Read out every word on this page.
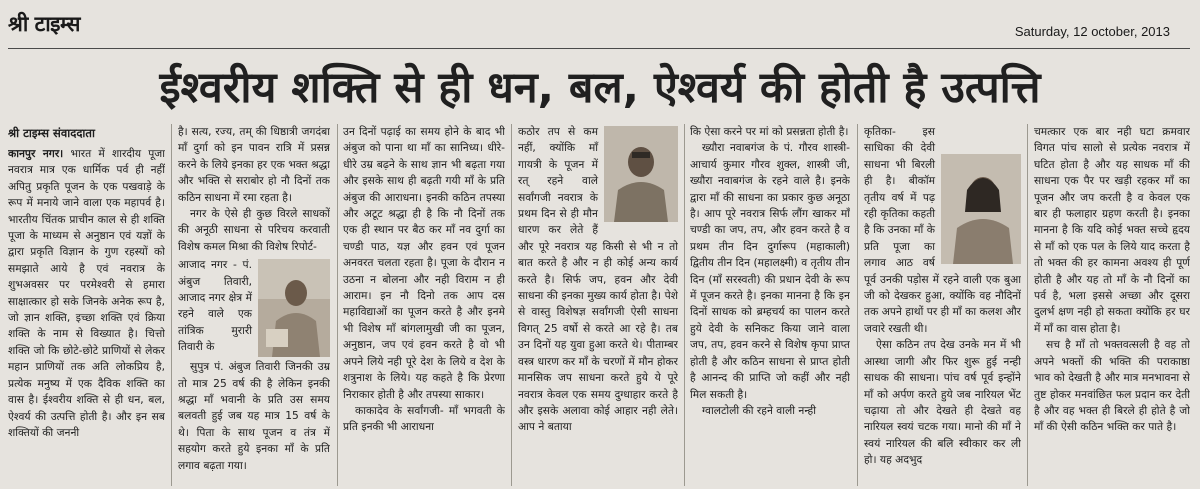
श्री टाइम्स	Saturday, 12 october, 2013
ईश्वरीय शक्ति से ही धन, बल, ऐश्वर्य की होती है उत्पत्ति
श्री टाइम्स संवाददाता

कानपुर नगर। भारत में शारदीय पूजा नवरात्र मात्र एक धार्मिक पर्व ही नहीं अपितु प्रकृति पूजन के एक पखवाड़े के रूप में मनाये जाने वाला एक महापर्व है। भारतीय चिंतक प्राचीन काल से ही शक्ति पूजा के माध्यम से अनुष्ठान एवं यज्ञों के द्वारा प्रकृति विज्ञान के गुण रहस्यों को समझाते आये है एवं नवरात्र के शुभअवसर पर परमेश्वरी से हमारा साक्षात्कार हो सके जिनके अनेक रूप है, जो ज्ञान शक्ति, इच्छा शक्ति एवं क्रिया शक्ति के नाम से विख्यात है। चित्तो शक्ति जो कि छोटे-छोटे प्राणियों से लेकर महान प्राणियों तक अति लोकप्रिय है, प्रत्येक मनुष्य में एक दैविक शक्ति का वास है। ईश्वरीय शक्ति से ही धन, बल, ऐश्वर्य की उत्पत्ति होती है। और इन सब शक्तियों की जननी

है। सत्य, रज्य, तम् की धिष्ठात्री जगदंबा माँ दुर्गा को इन पावन रात्रि में प्रसन्न करने के लिये इनका हर एक भक्त श्रद्धा और भक्ति से सराबोर हो नौ दिनों तक कठिन साधना में रमा रहता है।

नगर के ऐसे ही कुछ विरले साधकों की अनूठी साधना से परिचय करवाती विशेष कमल मिश्रा की विशेष रिपोर्ट-

आजाद नगर - पं. अंबुज तिवारी, आजाद नगर क्षेत्र में रहने वाले एक तांत्रिक मुरारी तिवारी के

सुपुत्र पं. अंबुज तिवारी जिनकी उम्र तो मात्र 25 वर्ष की है लेकिन इनकी श्रद्धा माँ भवानी के प्रति उस समय बलवती हुई जब यह मात्र 15 वर्ष के थे। पिता के साथ पूजन व तंत्र में सहयोग करते हुये इनका माँ के प्रति लगाव बढ़ता गया।

उन दिनों पढ़ाई का समय होने के बाद भी अंबुज को पाना था माँ का सानिध्य। धीरे-धीरे उम्र बढ़ने के साथ ज्ञान भी बढ़ता गया और इसके साथ ही बढ़ती गयी माँ के प्रति अंबुज की आराधना। इनकी कठिन तपस्या और अटूट श्रद्धा ही है कि नौ दिनों तक एक ही स्थान पर बैठ कर माँ नव दुर्गा का चण्डी पाठ, यज्ञ और हवन एवं पूजन अनवरत चलता रहता है। पूजा के दौरान न उठना न बोलना और नही विराम न ही आराम। इन नौ दिनो तक आप दस महाविद्याओं का पूजन करते है और इनमे भी विशेष माँ बांगलामुखी जी का पूजन, अनुष्ठान, जप एवं हवन करते है वो भी अपने लिये नही पूरे देश के लिये व देश के शत्रुनाश के लिये। यह कहते है कि प्रेरणा निराकार होती है और तपस्या साकार।

काकादेव के सर्वांगजी- माँ भगवती के प्रति इनकी भी आराधना

कठोर तप से कम नहीं, क्योंकि माँ गायत्री के पूजन में रत् रहने वाले सर्वांगजी नवरात्र के प्रथम दिन से ही मौन धारण कर लेते हैं और पूरे नवरात्र यह किसी से भी न तो बात करते है और न ही कोई अन्य कार्य करते है। सिर्फ जप, हवन और देवी साधना की इनका मुख्य कार्य होता है। पेशे से वास्तु विशेषज्ञ सर्वांगजी ऐसी साधना विगत् 25 वर्षो से करते आ रहे है। तब उन दिनों यह युवा हुआ करते थे। पीताम्बर वस्त्र धारण कर माँ के चरणों में मौन होकर मानसिक जप साधना करते हुये ये पूरे नवरात्र केवल एक समय दुग्धाहार करते है और इसके अलावा कोई आहार नही लेते। आप ने बताया

कि ऐसा करने पर मां को प्रसन्नता होती है।

ख्यौरा नवाबगंज के पं. गौरव शास्त्री- आचार्य कुमार गौरव शुक्ल, शास्त्री जी, ख्यौरा नवाबगंज के रहने वाले है। इनके द्वारा माँ की साधना का प्रकार कुछ अनूठा है। आप पूरे नवरात्र सिर्फ लौंग खाकर माँ चण्डी का जप, तप, और हवन करते है व प्रथम तीन दिन दुर्गारूप (महाकाली) द्वितीय तीन दिन (महालक्ष्मी) व तृतीय तीन दिन (माँ सरस्वती) की प्रधान देवी के रूप में पूजन करते है। इनका मानना है कि इन दिनों साधक को ब्रम्हचर्य का पालन करते हुये देवी के सनिकट किया जाने वाला जप, तप, हवन करने से विशेष कृपा प्राप्त होती है और कठिन साधना से प्राप्त होती है आनन्द की प्राप्ति जो कहीं और नही मिल सकती है।

ग्वालटोली की रहने वाली नन्ही

कृतिका- इस साधिका की देवी साधना भी बिरली ही है। बीकॉम तृतीय वर्ष में पढ़ रही कृतिका कहती है कि उनका माँ के प्रति पूजा का लगाव आठ वर्ष पूर्व उनकी पड़ोस में रहने वाली एक बुआ जी को देखकर हुआ, क्योंकि वह नौदिनों तक अपने हाथों पर ही माँ का कलश और जवारे रखती थी।

ऐसा कठिन तप देख उनके मन में भी आस्था जागी और फिर शुरू हुई नन्ही साधक की साधना। पांच वर्ष पूर्व इन्होंने माँ को अर्पण करते हुये जब नारियल भेंट चढ़ाया तो और देखते ही देखते वह नारियल स्वयं चटक गया। मानो की माँ ने स्वयं नारियल की बलि स्वीकार कर ली हो। यह अदभुद

चमत्कार एक बार नही घटा क्रमवार विगत पांच सालो से प्रत्येक नवरात्र में घटित होता है और यह साधक माँ की साधना एक पैर पर खड़ी रहकर माँ का पूजन और जप करती है व केवल एक बार ही फलाहार ग्रहण करती है। इनका मानना है कि यदि कोई भक्त सच्चे हृदय से माँ को एक पल के लिये याद करता है तो भक्त की हर कामना अवश्य ही पूर्ण होती है और यह तो माँ के नौ दिनों का पर्व है, भला इससे अच्छा और दूसरा दुलर्भ क्षण नही हो सकता क्योंकि हर घर में माँ का वास होता है।

सच है माँ तो भक्तवत्सली है वह तो अपने भक्तों की भक्ति की पराकाष्ठा भाव को देखती है और मात्र मनभावना से तुष्ट होकर मनवांछित फल प्रदान कर देती है और वह भक्त ही बिरले ही होते है जो माँ की ऐसी कठिन भक्ति कर पाते है।
